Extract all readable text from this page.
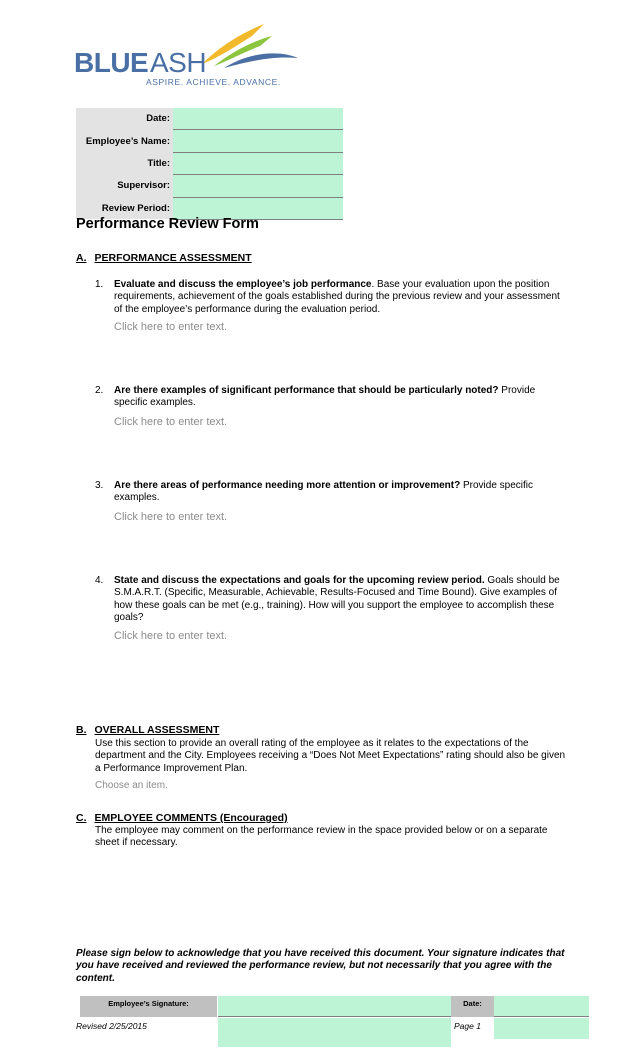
BLUE ASH
ASPIRE. ACHIEVE. ADVANCE.
Date:	
Employee’s Name:	
Title:	
Supervisor:	
Review Period:	
Performance Review Form
A. PERFORMANCE ASSESSMENT
1. Evaluate and discuss the employee’s job performance. Base your evaluation upon the position requirements, achievement of the goals established during the previous review and your assessment of the employee’s performance during the evaluation period.
Click here to enter text.
2. Are there examples of significant performance that should be particularly noted? Provide specific examples.
Click here to enter text.
3. Are there areas of performance needing more attention or improvement? Provide specific examples.
Click here to enter text.
4. State and discuss the expectations and goals for the upcoming review period. Goals should be S.M.A.R.T. (Specific, Measurable, Achievable, Results-Focused and Time Bound). Give examples of how these goals can be met (e.g., training). How will you support the employee to accomplish these goals?
Click here to enter text.
B. OVERALL ASSESSMENT
Use this section to provide an overall rating of the employee as it relates to the expectations of the department and the City. Employees receiving a “Does Not Meet Expectations” rating should also be given a Performance Improvement Plan.
Choose an item.
C. EMPLOYEE COMMENTS (Encouraged)
The employee may comment on the performance review in the space provided below or on a separate sheet if necessary.
Please sign below to acknowledge that you have received this document. Your signature indicates that you have received and reviewed the performance review, but not necessarily that you agree with the content.
Employee’s Signature:	Date:
Revised 2/25/2015	Page 1
